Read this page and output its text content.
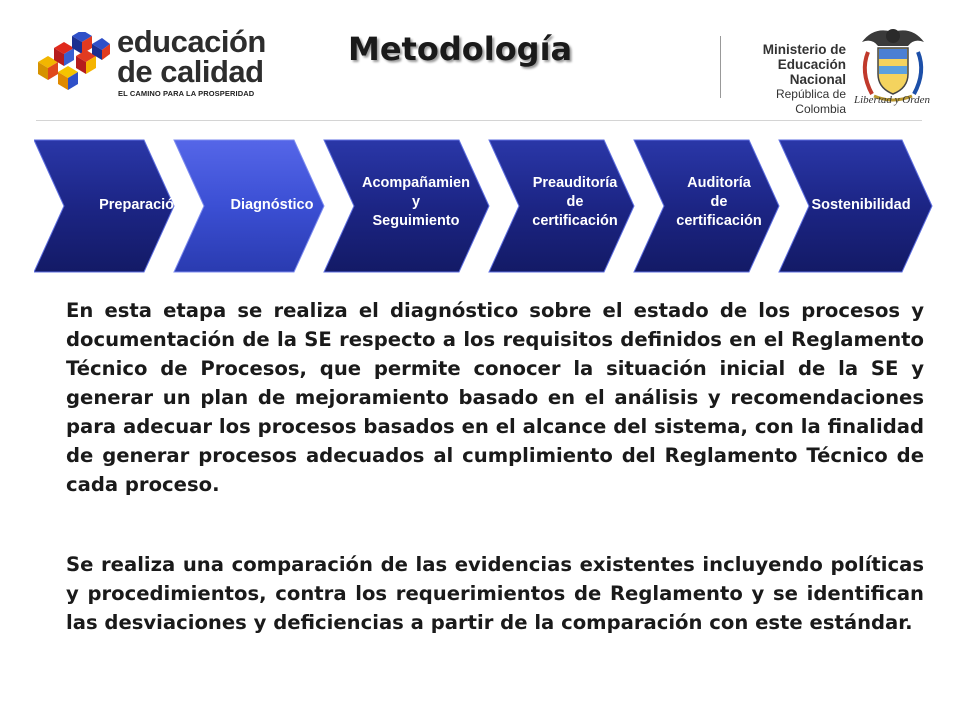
educación
de calidad
EL CAMINO PARA LA PROSPERIDAD
Metodología	Ministerio de
Educación Nacional
República de Colombia
Libertad y Orden
Preparación	Diagnóstico
Acompañamien
y
Seguimiento
Preauditoría
de
certificación
Auditoría
de
certificación
Sostenibilidad

En esta etapa se realiza el diagnóstico sobre el estado de los procesos y documentación de la SE respecto a los requisitos definidos en el Reglamento Técnico de Procesos, que permite conocer la situación inicial de la SE y generar un plan de mejoramiento basado en el análisis y recomendaciones para adecuar los procesos basados en el alcance del sistema, con la finalidad de generar procesos adecuados al cumplimiento del Reglamento Técnico de cada proceso.

Se realiza una comparación de las evidencias existentes incluyendo políticas y procedimientos, contra los requerimientos de Reglamento y se identifican las desviaciones y deficiencias a partir de la comparación con este estándar.
